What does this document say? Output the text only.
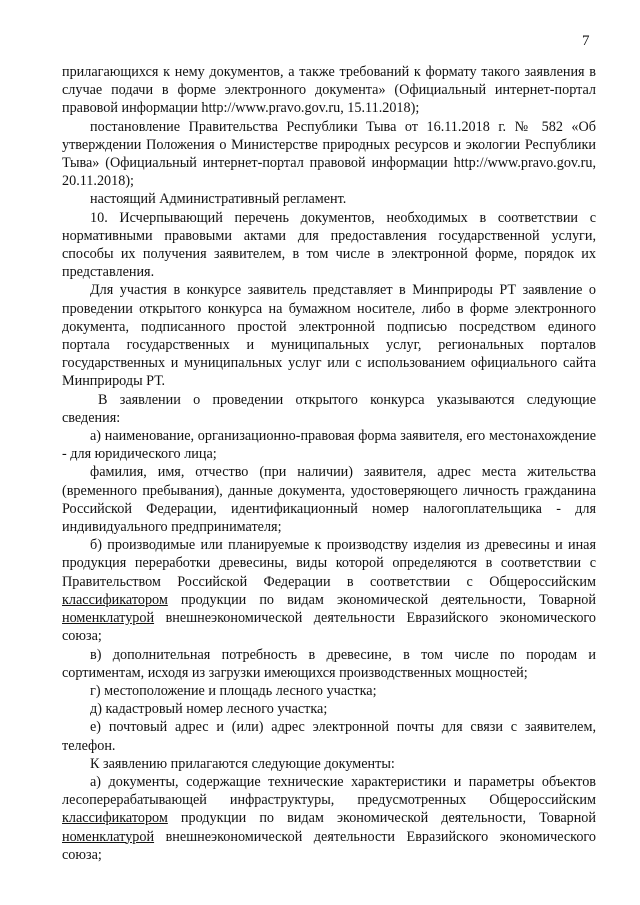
7

прилагающихся к нему документов, а также требований к формату такого заявления в случае подачи в форме электронного документа» (Официальный интернет-портал правовой информации http://www.pravo.gov.ru, 15.11.2018);

постановление Правительства Республики Тыва от 16.11.2018 г. № 582 «Об утверждении Положения о Министерстве природных ресурсов и экологии Республики Тыва» (Официальный интернет-портал правовой информации http://www.pravo.gov.ru, 20.11.2018);

настоящий Административный регламент.

10. Исчерпывающий перечень документов, необходимых в соответствии с нормативными правовыми актами для предоставления государственной услуги, способы их получения заявителем, в том числе в электронной форме, порядок их представления.

Для участия в конкурсе заявитель представляет в Минприроды РТ заявление о проведении открытого конкурса на бумажном носителе, либо в форме электронного документа, подписанного простой электронной подписью посредством единого портала государственных и муниципальных услуг, региональных порталов государственных и муниципальных услуг или с использованием официального сайта Минприроды РТ.

В заявлении о проведении открытого конкурса указываются следующие сведения:

а) наименование, организационно-правовая форма заявителя, его местонахождение - для юридического лица;

фамилия, имя, отчество (при наличии) заявителя, адрес места жительства (временного пребывания), данные документа, удостоверяющего личность гражданина Российской Федерации, идентификационный номер налогоплательщика - для индивидуального предпринимателя;

б) производимые или планируемые к производству изделия из древесины и иная продукция переработки древесины, виды которой определяются в соответствии с Правительством Российской Федерации в соответствии с Общероссийским классификатором продукции по видам экономической деятельности, Товарной номенклатурой внешнеэкономической деятельности Евразийского экономического союза;

в) дополнительная потребность в древесине, в том числе по породам и сортиментам, исходя из загрузки имеющихся производственных мощностей;

г) местоположение и площадь лесного участка;

д) кадастровый номер лесного участка;

е) почтовый адрес и (или) адрес электронной почты для связи с заявителем, телефон.

К заявлению прилагаются следующие документы:

а) документы, содержащие технические характеристики и параметры объектов лесоперерабатывающей инфраструктуры, предусмотренных Общероссийским классификатором продукции по видам экономической деятельности, Товарной номенклатурой внешнеэкономической деятельности Евразийского экономического союза;
